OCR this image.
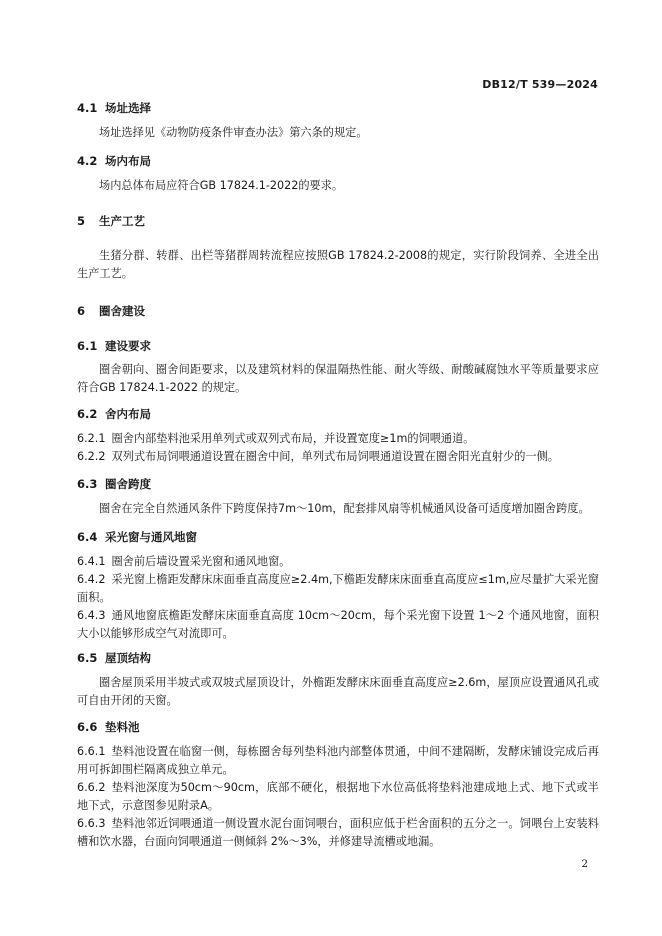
DB12/T 539—2024
4.1 场址选择
场址选择见《动物防疫条件审查办法》第六条的规定。
4.2 场内布局
场内总体布局应符合GB 17824.1-2022的要求。
5 生产工艺
生猪分群、转群、出栏等猪群周转流程应按照GB 17824.2-2008的规定，实行阶段饲养、全进全出生产工艺。
6 圈舍建设
6.1 建设要求
圈舍朝向、圈舍间距要求，以及建筑材料的保温隔热性能、耐火等级、耐酸碱腐蚀水平等质量要求应符合GB 17824.1-2022 的规定。
6.2 舍内布局
6.2.1 圈舍内部垫料池采用单列式或双列式布局，并设置宽度≥1m的饲喂通道。
6.2.2 双列式布局饲喂通道设置在圈舍中间，单列式布局饲喂通道设置在圈舍阳光直射少的一侧。
6.3 圈舍跨度
圈舍在完全自然通风条件下跨度保持7m～10m，配套排风扇等机械通风设备可适度增加圈舍跨度。
6.4 采光窗与通风地窗
6.4.1 圈舍前后墙设置采光窗和通风地窗。
6.4.2 采光窗上檐距发酵床床面垂直高度应≥2.4m,下檐距发酵床床面垂直高度应≤1m,应尽量扩大采光窗面积。
6.4.3 通风地窗底檐距发酵床床面垂直高度 10cm～20cm，每个采光窗下设置 1～2 个通风地窗，面积大小以能够形成空气对流即可。
6.5 屋顶结构
圈舍屋顶采用半坡式或双坡式屋顶设计，外檐距发酵床床面垂直高度应≥2.6m，屋顶应设置通风孔或可自由开闭的天窗。
6.6 垫料池
6.6.1 垫料池设置在临窗一侧，每栋圈舍每列垫料池内部整体贯通，中间不建隔断，发酵床铺设完成后再用可拆卸围栏隔离成独立单元。
6.6.2 垫料池深度为50cm～90cm，底部不硬化，根据地下水位高低将垫料池建成地上式、地下式或半地下式，示意图参见附录A。
6.6.3 垫料池邻近饲喂通道一侧设置水泥台面饲喂台，面积应低于栏舍面积的五分之一。饲喂台上安装料槽和饮水器，台面向饲喂通道一侧倾斜 2%～3%，并修建导流槽或地漏。
2
